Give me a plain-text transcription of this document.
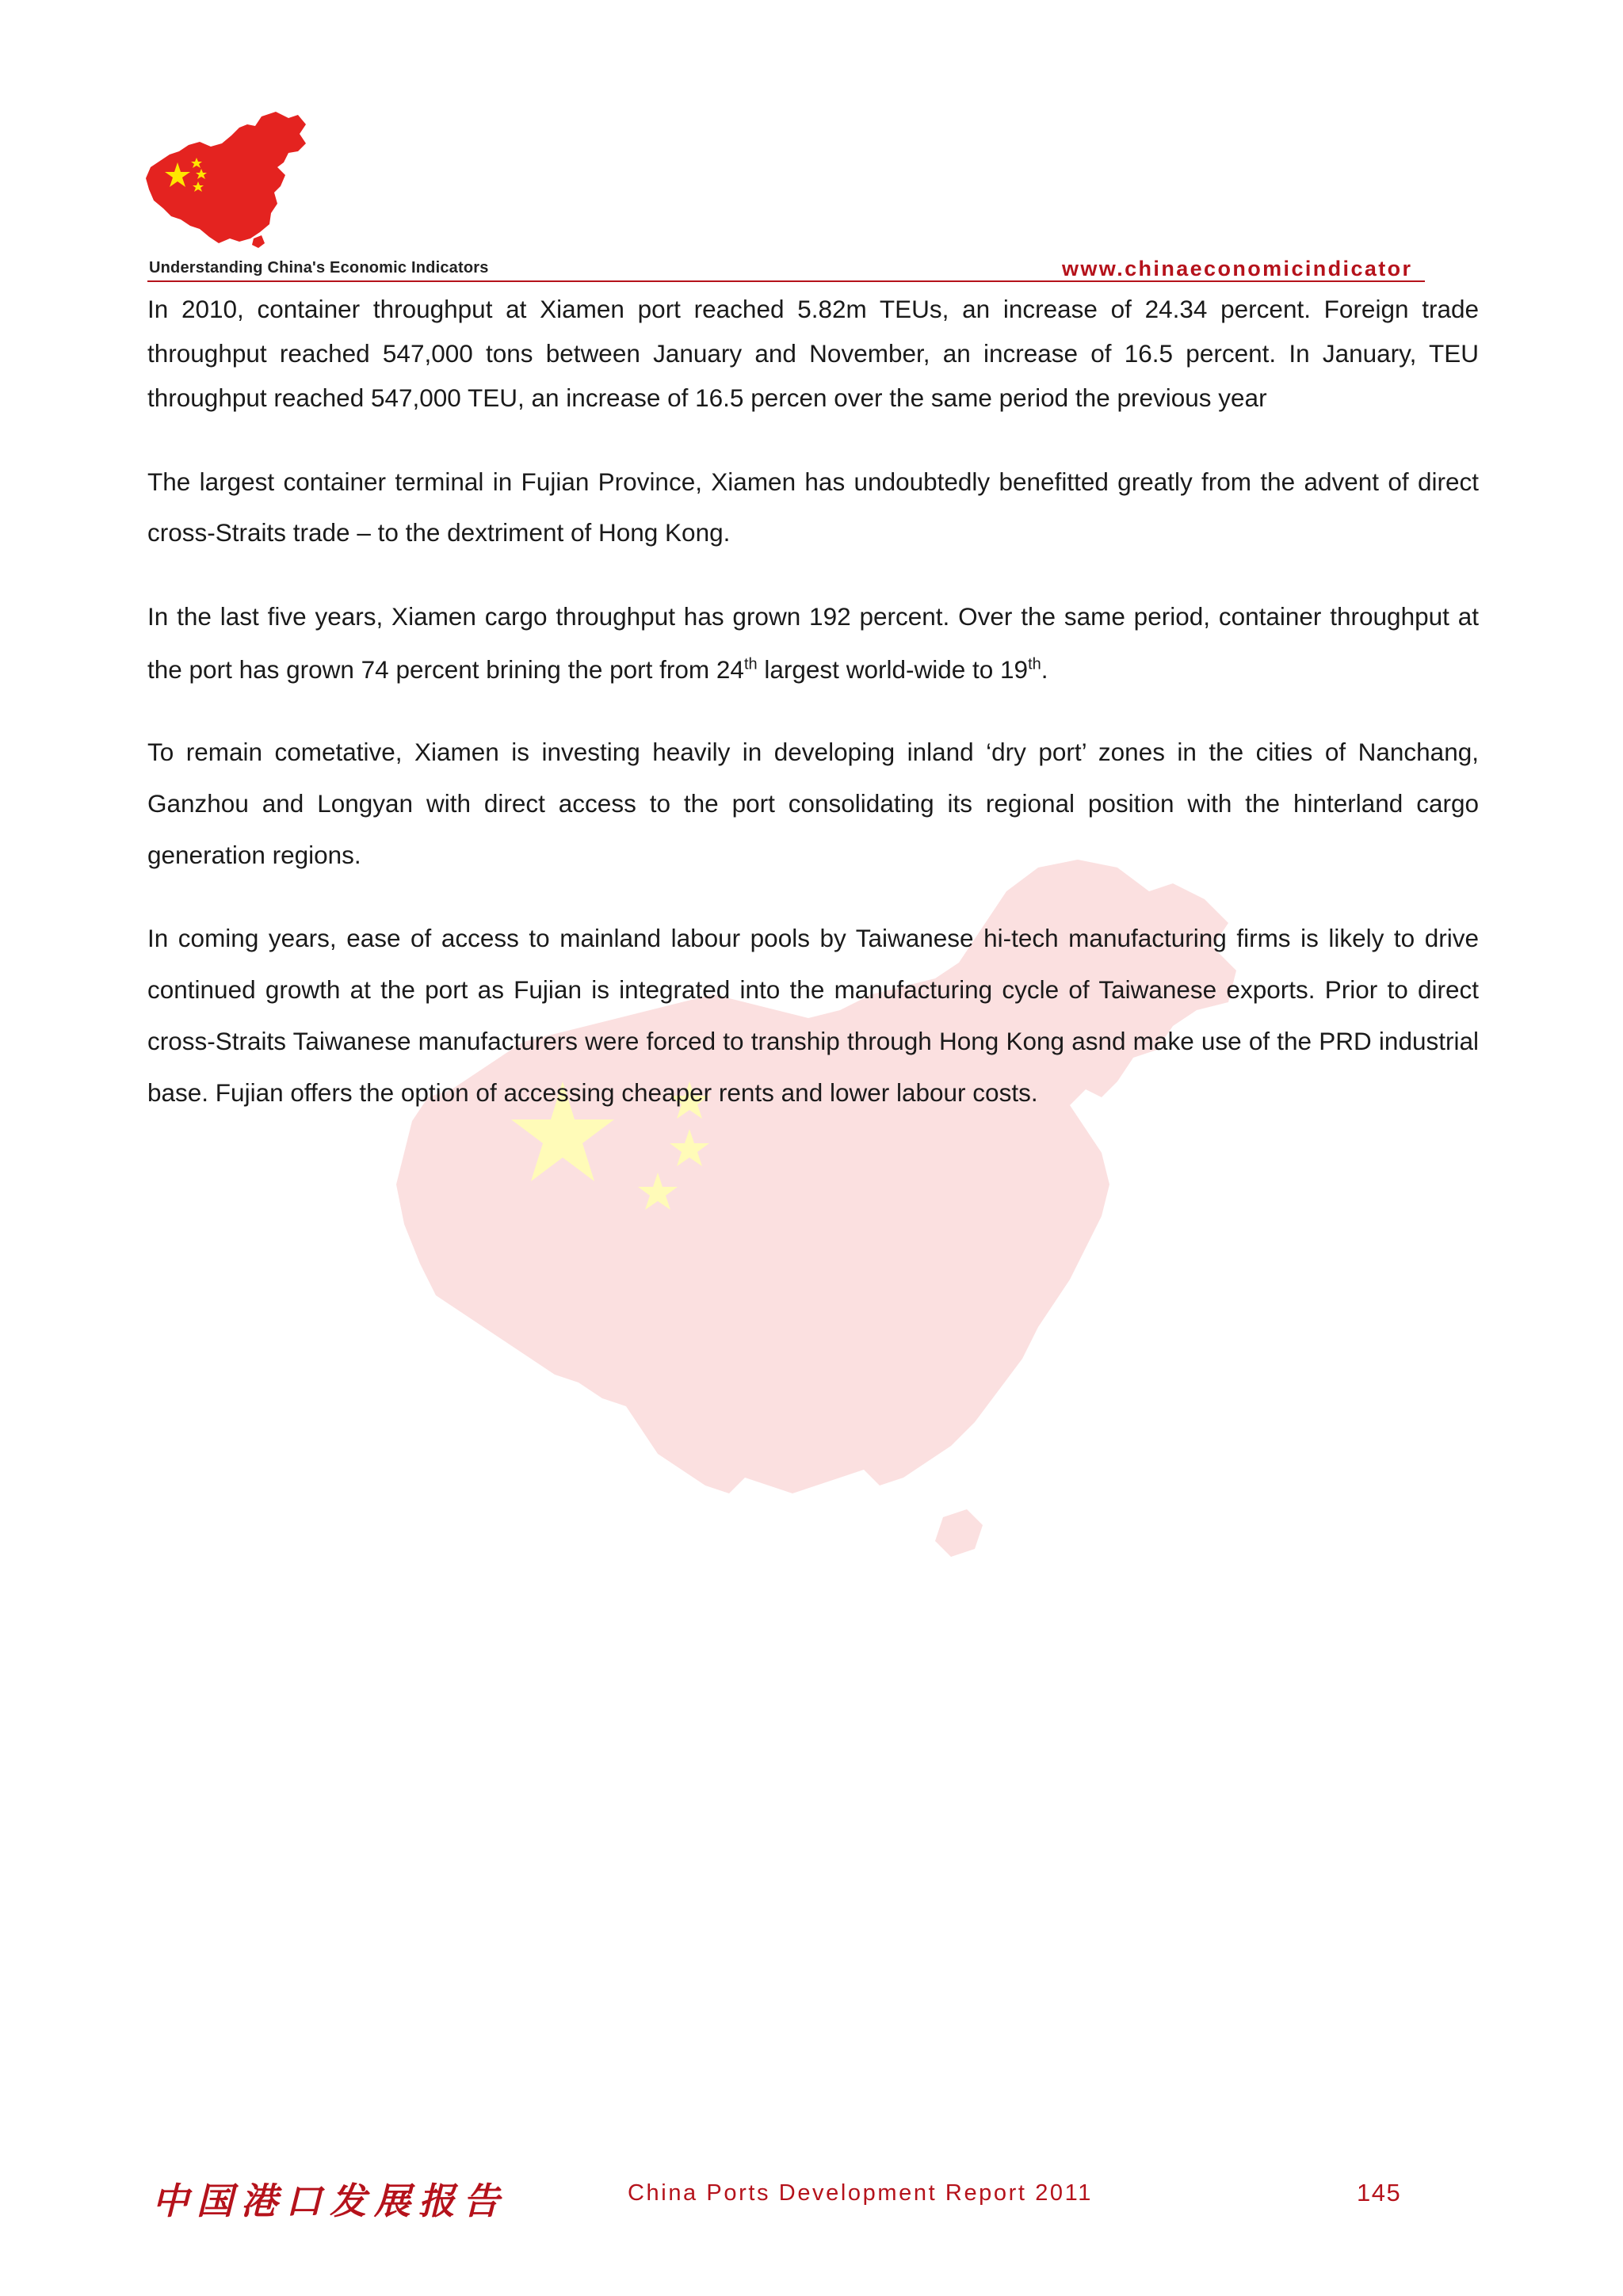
Understanding China's Economic Indicators	www.chinaeconomicindicator

In 2010, container throughput at Xiamen port reached 5.82m TEUs, an increase of 24.34 percent. Foreign trade throughput reached 547,000 tons between January and November, an increase of 16.5 percent. In January, TEU throughput reached 547,000 TEU, an increase of 16.5 percen over the same period the previous year

The largest container terminal in Fujian Province, Xiamen has undoubtedly benefitted greatly from the advent of direct cross-Straits trade – to the dextriment of Hong Kong.

In the last five years, Xiamen cargo throughput has grown 192 percent. Over the same period, container throughput at the port has grown 74 percent brining the port from 24th largest world-wide to 19th.

To remain cometative, Xiamen is investing heavily in developing inland ‘dry port’ zones in the cities of Nanchang, Ganzhou and Longyan with direct access to the port consolidating its regional position with the hinterland cargo generation regions.

In coming years, ease of access to mainland labour pools by Taiwanese hi-tech manufacturing firms is likely to drive continued growth at the port as Fujian is integrated into the manufacturing cycle of Taiwanese exports. Prior to direct cross-Straits Taiwanese manufacturers were forced to tranship through Hong Kong asnd make use of the PRD industrial base. Fujian offers the option of accessing cheaper rents and lower labour costs.

中国港口发展报告	China Ports Development Report 2011	145
